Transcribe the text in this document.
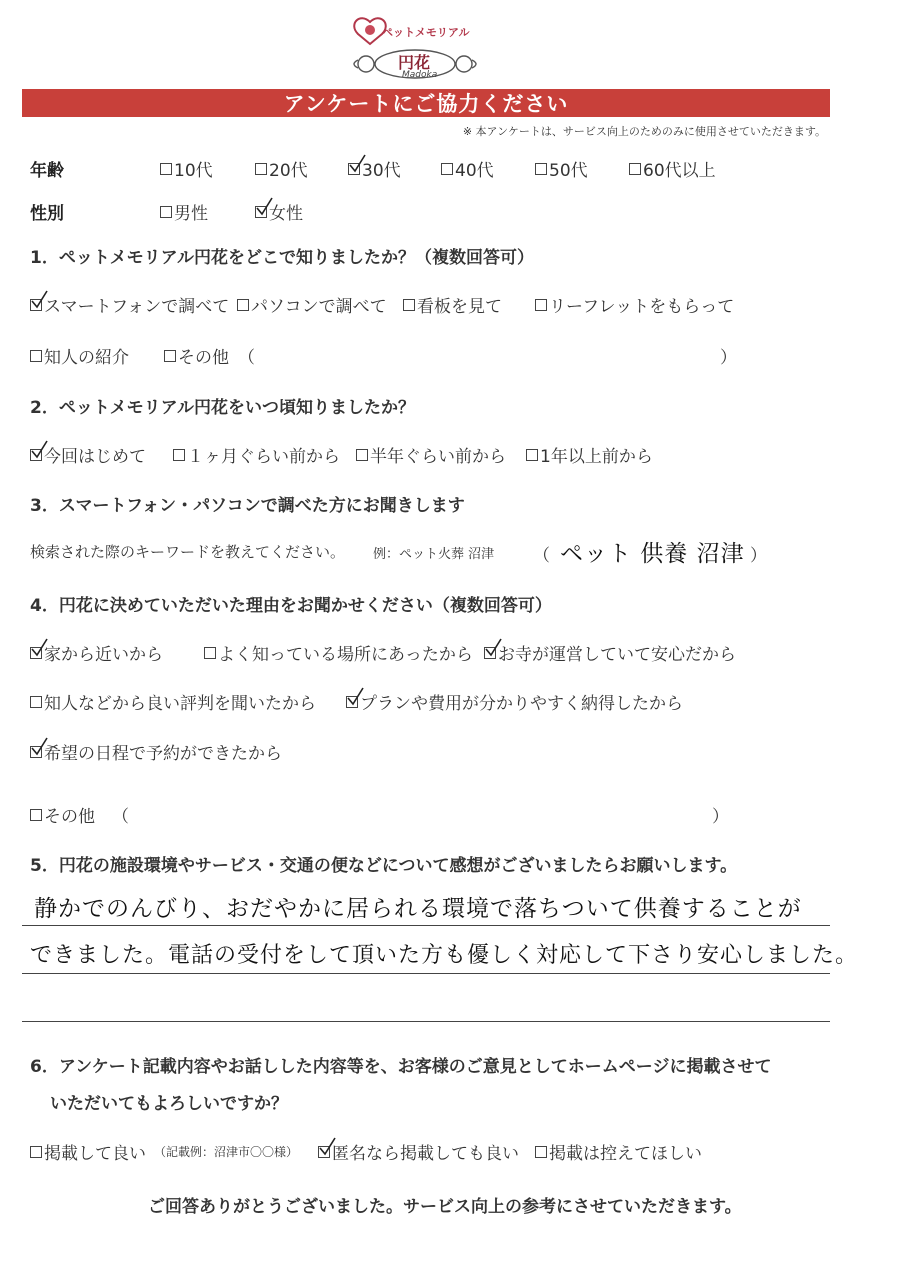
ペットメモリアル
円花
Madoka
アンケートにご協力ください
※ 本アンケートは、サービス向上のためのみに使用させていただきます。
年齢	10代	20代	30代	40代	50代	60代以上
性別	男性	女性
1．ペットメモリアル円花をどこで知りましたか？（複数回答可）
スマートフォンで調べて パソコンで調べて 看板を見て	リーフレットをもらって
知人の紹介	その他 （	）
2．ペットメモリアル円花をいつ頃知りましたか？
今回はじめて １ヶ月ぐらい前から 半年ぐらい前から 1年以上前から
3．スマートフォン・パソコンで調べた方にお聞きします
検索された際のキーワードを教えてください。 例：ペット火葬 沼津 （ ペット 供養 沼津 ）
4．円花に決めていただいた理由をお聞かせください（複数回答可）
家から近いから	よく知っている場所にあったから お寺が運営していて安心だから
知人などから良い評判を聞いたから	プランや費用が分かりやすく納得したから
希望の日程で予約ができたから
その他 （	）
5．円花の施設環境やサービス・交通の便などについて感想がございましたらお願いします。
静かでのんびり、おだやかに居られる環境で落ちついて供養することが
できました。電話の受付をして頂いた方も優しく対応して下さり安心しました。
6．アンケート記載内容やお話しした内容等を、お客様のご意見としてホームページに掲載させて
いただいてもよろしいですか？
掲載して良い （記載例：沼津市〇〇様） 匿名なら掲載しても良い 掲載は控えてほしい
ご回答ありがとうございました。サービス向上の参考にさせていただきます。
